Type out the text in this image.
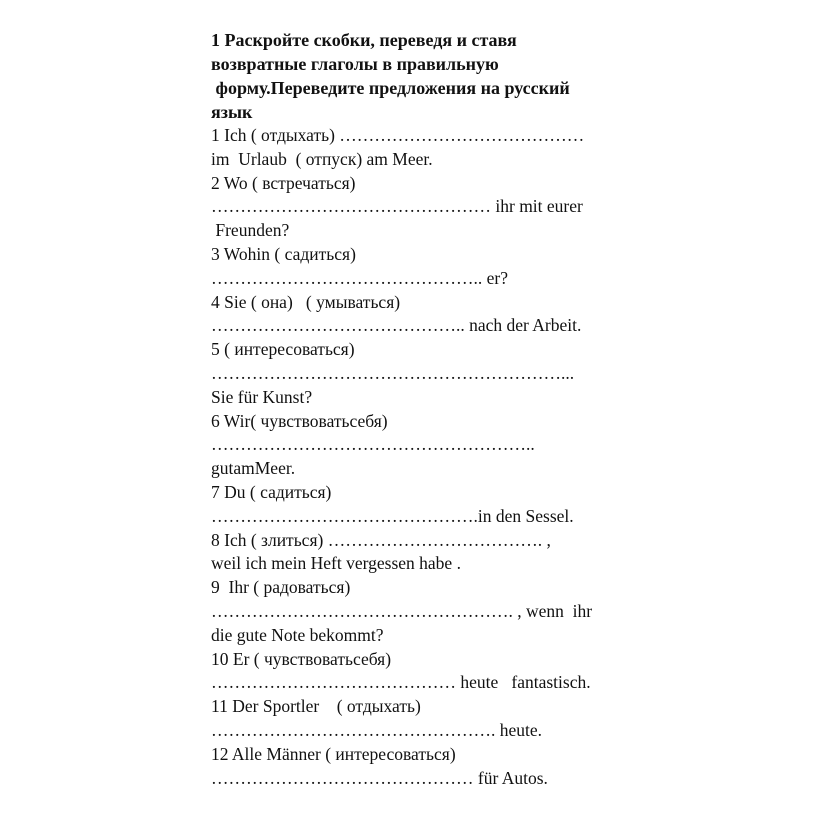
1 Раскройте скобки, переведя и ставя
возвратные глаголы в правильную
форму.Переведите предложения на русский
язык
1 Ich ( отдыхать) ……………………………………
im  Urlaub  ( отпуск) am Meer.
2 Wo ( встречаться)
………………………………………… ihr mit eurer
Freunden?
3 Wohin ( садиться)
……………………………………….. er?
4 Sie ( она)   ( умываться)
…………………………………….. nach der Arbeit.
5 ( интересоваться)
……………………………………………………...
Sie für Kunst?
6 Wir( чувствоватьсебя)
………………………………………………..
gutamMeer.
7 Du ( садиться)
……………………………………….in den Sessel.
8 Ich ( злиться) ………………………………. ,
weil ich mein Heft vergessen habe .
9  Ihr ( радоваться)
……………………………………………. , wenn  ihr
die gute Note bekommt?
10 Er ( чувствоватьсебя)
…………………………………… heute   fantastisch.
11 Der Sportler    ( отдыхать)
…………………………………………. heute.
12 Alle Männer ( интересоваться)
……………………………………… für Autos.
